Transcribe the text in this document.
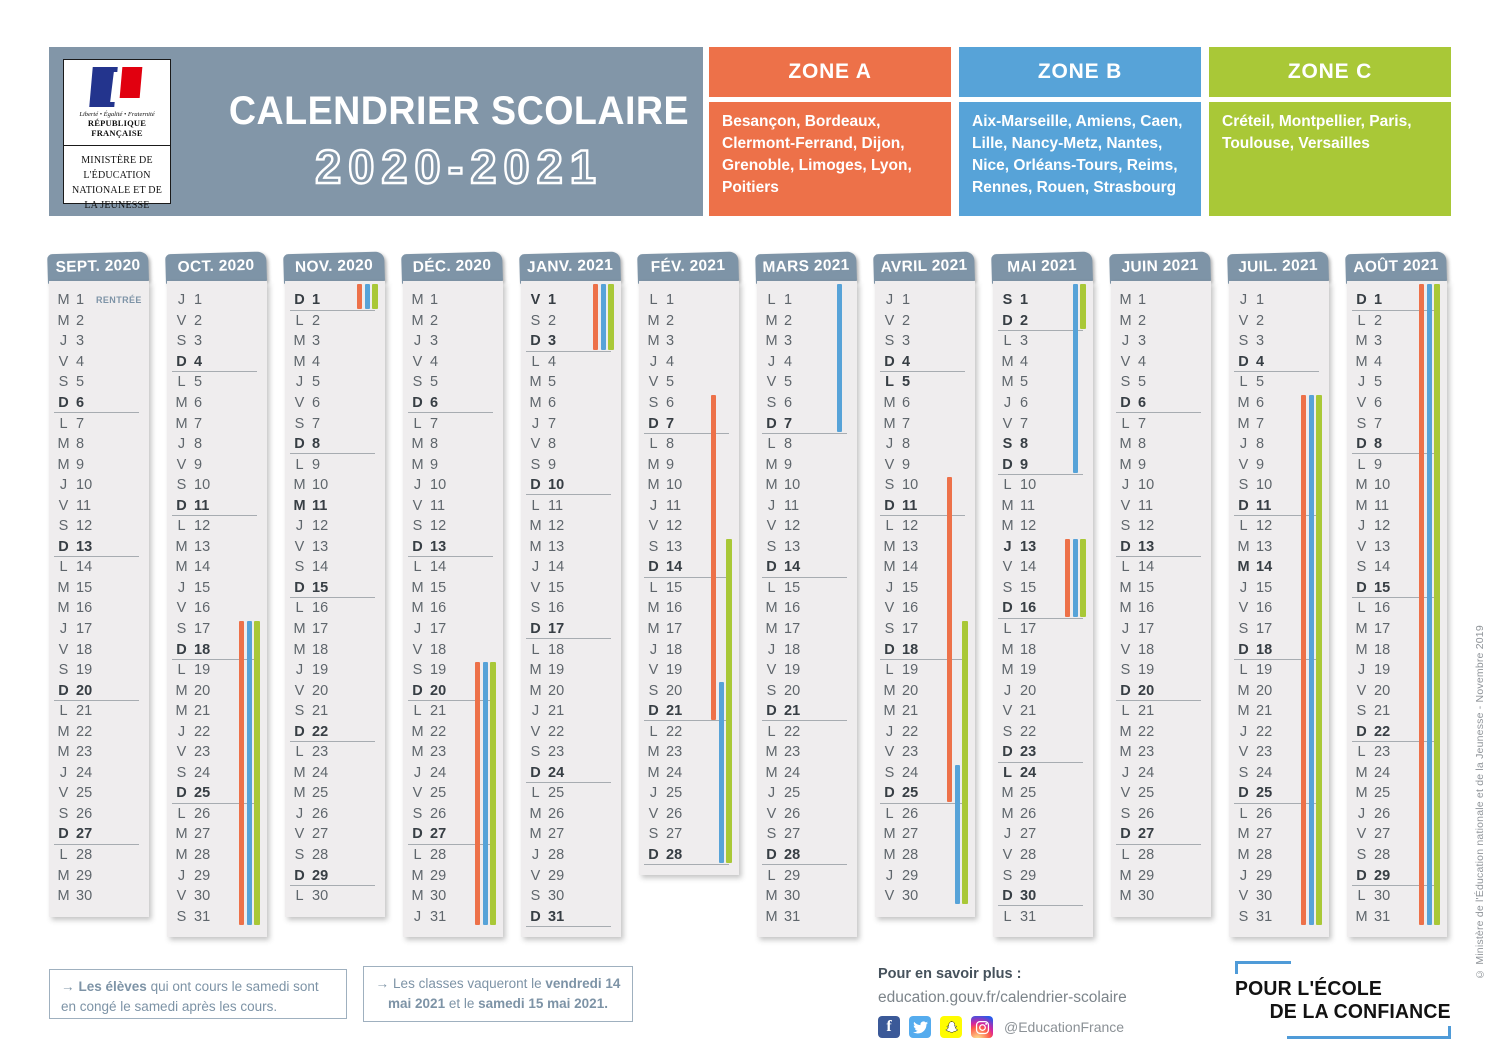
Liberté • Égalité • Fraternité
RÉPUBLIQUE FRANÇAISE
MINISTÈRE DE L'ÉDUCATION NATIONALE ET DE LA JEUNESSE
CALENDRIER SCOLAIRE
2020-2021
ZONE A
Besançon, Bordeaux, Clermont-Ferrand, Dijon, Grenoble, Limoges, Lyon, Poitiers
ZONE B
Aix-Marseille, Amiens, Caen, Lille, Nancy-Metz, Nantes, Nice, Orléans-Tours, Reims, Rennes, Rouen, Strasbourg
ZONE C
Créteil, Montpellier, Paris, Toulouse, Versailles
SEPT. 2020
M 1	RENTRÉE
M 2
J 3
V 4
S 5
D 6
L 7
M 8
M 9
J 10
V 11
S 12
D 13
L 14
M 15
M 16
J 17
V 18
S 19
D 20
L 21
M 22
M 23
J 24
V 25
S 26
D 27
L 28
M 29
M 30
OCT. 2020
J 1
V 2
S 3
D 4
L 5
M 6
M 7
J 8
V 9
S 10
D 11
L 12
M 13
M 14
J 15
V 16
S 17
D 18
L 19
M 20
M 21
J 22
V 23
S 24
D 25
L 26
M 27
M 28
J 29
V 30
S 31
NOV. 2020
D 1
L 2
M 3
M 4
J 5
V 6
S 7
D 8
L 9
M 10
M 11
J 12
V 13
S 14
D 15
L 16
M 17
M 18
J 19
V 20
S 21
D 22
L 23
M 24
M 25
J 26
V 27
S 28
D 29
L 30
DÉC. 2020
M 1
M 2
J 3
V 4
S 5
D 6
L 7
M 8
M 9
J 10
V 11
S 12
D 13
L 14
M 15
M 16
J 17
V 18
S 19
D 20
L 21
M 22
M 23
J 24
V 25
S 26
D 27
L 28
M 29
M 30
J 31
JANV. 2021
V 1
S 2
D 3
L 4
M 5
M 6
J 7
V 8
S 9
D 10
L 11
M 12
M 13
J 14
V 15
S 16
D 17
L 18
M 19
M 20
J 21
V 22
S 23
D 24
L 25
M 26
M 27
J 28
V 29
S 30
D 31
FÉV. 2021
L 1
M 2
M 3
J 4
V 5
S 6
D 7
L 8
M 9
M 10
J 11
V 12
S 13
D 14
L 15
M 16
M 17
J 18
V 19
S 20
D 21
L 22
M 23
M 24
J 25
V 26
S 27
D 28
MARS 2021
L 1
M 2
M 3
J 4
V 5
S 6
D 7
L 8
M 9
M 10
J 11
V 12
S 13
D 14
L 15
M 16
M 17
J 18
V 19
S 20
D 21
L 22
M 23
M 24
J 25
V 26
S 27
D 28
L 29
M 30
M 31
AVRIL 2021
J 1
V 2
S 3
D 4
L 5
M 6
M 7
J 8
V 9
S 10
D 11
L 12
M 13
M 14
J 15
V 16
S 17
D 18
L 19
M 20
M 21
J 22
V 23
S 24
D 25
L 26
M 27
M 28
J 29
V 30
MAI 2021
S 1
D 2
L 3
M 4
M 5
J 6
V 7
S 8
D 9
L 10
M 11
M 12
J 13
V 14
S 15
D 16
L 17
M 18
M 19
J 20
V 21
S 22
D 23
L 24
M 25
M 26
J 27
V 28
S 29
D 30
L 31
JUIN 2021
M 1
M 2
J 3
V 4
S 5
D 6
L 7
M 8
M 9
J 10
V 11
S 12
D 13
L 14
M 15
M 16
J 17
V 18
S 19
D 20
L 21
M 22
M 23
J 24
V 25
S 26
D 27
L 28
M 29
M 30
JUIL. 2021
J 1
V 2
S 3
D 4
L 5
M 6
M 7
J 8
V 9
S 10
D 11
L 12
M 13
M 14
J 15
V 16
S 17
D 18
L 19
M 20
M 21
J 22
V 23
S 24
D 25
L 26
M 27
M 28
J 29
V 30
S 31
AOÛT 2021
D 1
L 2
M 3
M 4
J 5
V 6
S 7
D 8
L 9
M 10
M 11
J 12
V 13
S 14
D 15
L 16
M 17
M 18
J 19
V 20
S 21
D 22
L 23
M 24
M 25
J 26
V 27
S 28
D 29
L 30
M 31
→ Les élèves qui ont cours le samedi sont en congé le samedi après les cours.
→ Les classes vaqueront le vendredi 14 mai 2021 et le samedi 15 mai 2021.
Pour en savoir plus :
education.gouv.fr/calendrier-scolaire
f	@EducationFrance
POUR L'ÉCOLE
DE LA CONFIANCE
© Ministère de l'Éducation nationale et de la Jeunesse - Novembre 2019
